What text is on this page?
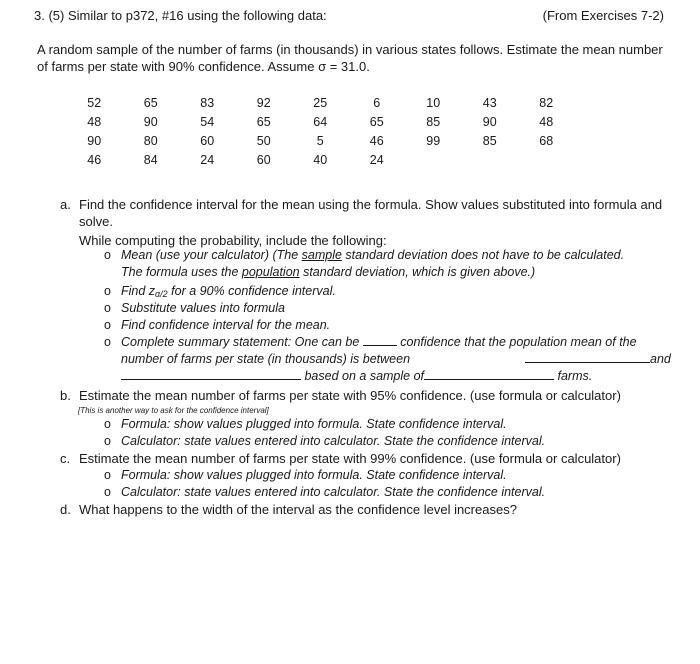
3. (5) Similar to p372, #16 using the following data:	(From Exercises 7-2)
A random sample of the number of farms (in thousands) in various states follows. Estimate the mean number of farms per state with 90% confidence. Assume σ = 31.0.
52	65	83	92	25	6	10	43	82
48	90	54	65	64	65	85	90	48
90	80	60	50	5	46	99	85	68
46	84	24	60	40	24			
a. Find the confidence interval for the mean using the formula. Show values substituted into formula and solve.
While computing the probability, include the following:
o Mean (use your calculator) (The sample standard deviation does not have to be calculated.
The formula uses the population standard deviation, which is given above.)
o Find $z_{\alpha/2}$ for a 90% confidence interval.
o Substitute values into formula
o Find confidence interval for the mean.
o Complete summary statement: One can be	confidence that the population mean of the
number of farms per state (in thousands) is between	and
based on a sample of	farms.
b. Estimate the mean number of farms per state with 95% confidence. (use formula or calculator)
[This is another way to ask for the confidence interval]
o Formula: show values plugged into formula. State confidence interval.
o Calculator: state values entered into calculator. State the confidence interval.
c. Estimate the mean number of farms per state with 99% confidence. (use formula or calculator)
o Formula: show values plugged into formula. State confidence interval.
o Calculator: state values entered into calculator. State the confidence interval.
d. What happens to the width of the interval as the confidence level increases?
